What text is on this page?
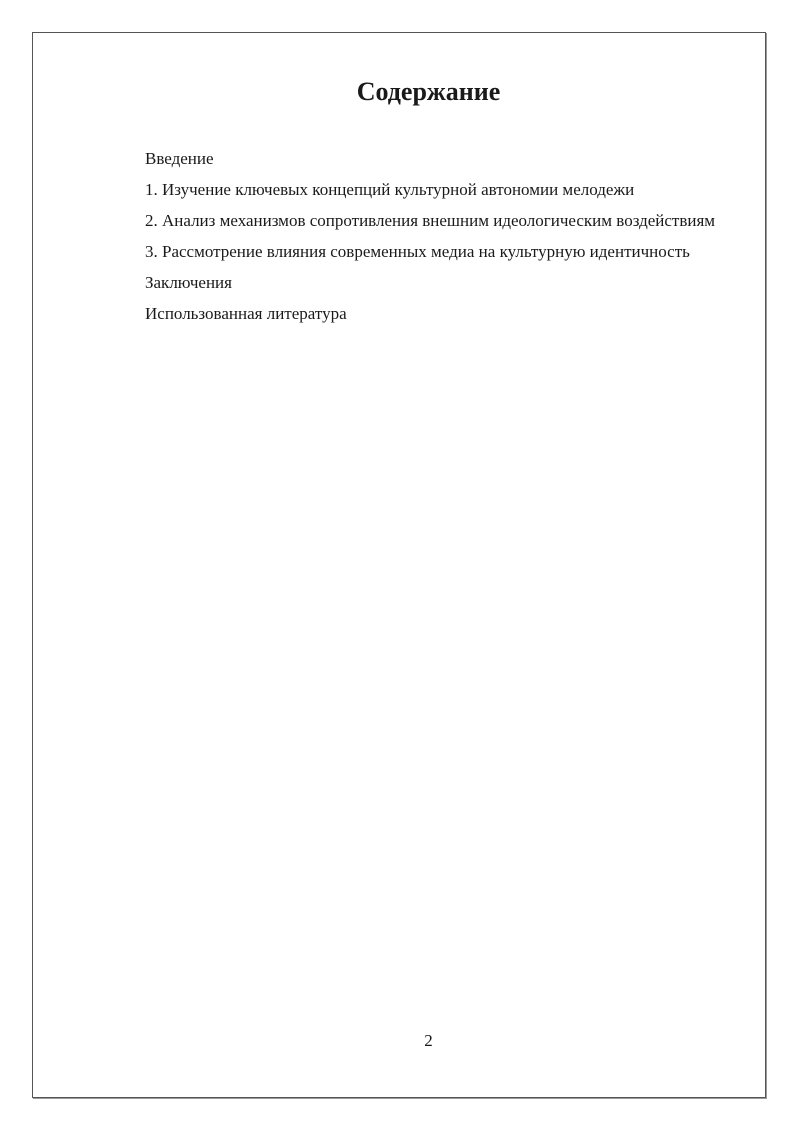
Содержание
Введение
1. Изучение ключевых концепций культурной автономии мелодежи
2. Анализ механизмов сопротивления внешним идеологическим воздействиям
3. Рассмотрение влияния современных медиа на культурную идентичность
Заключения
Использованная литература
2
